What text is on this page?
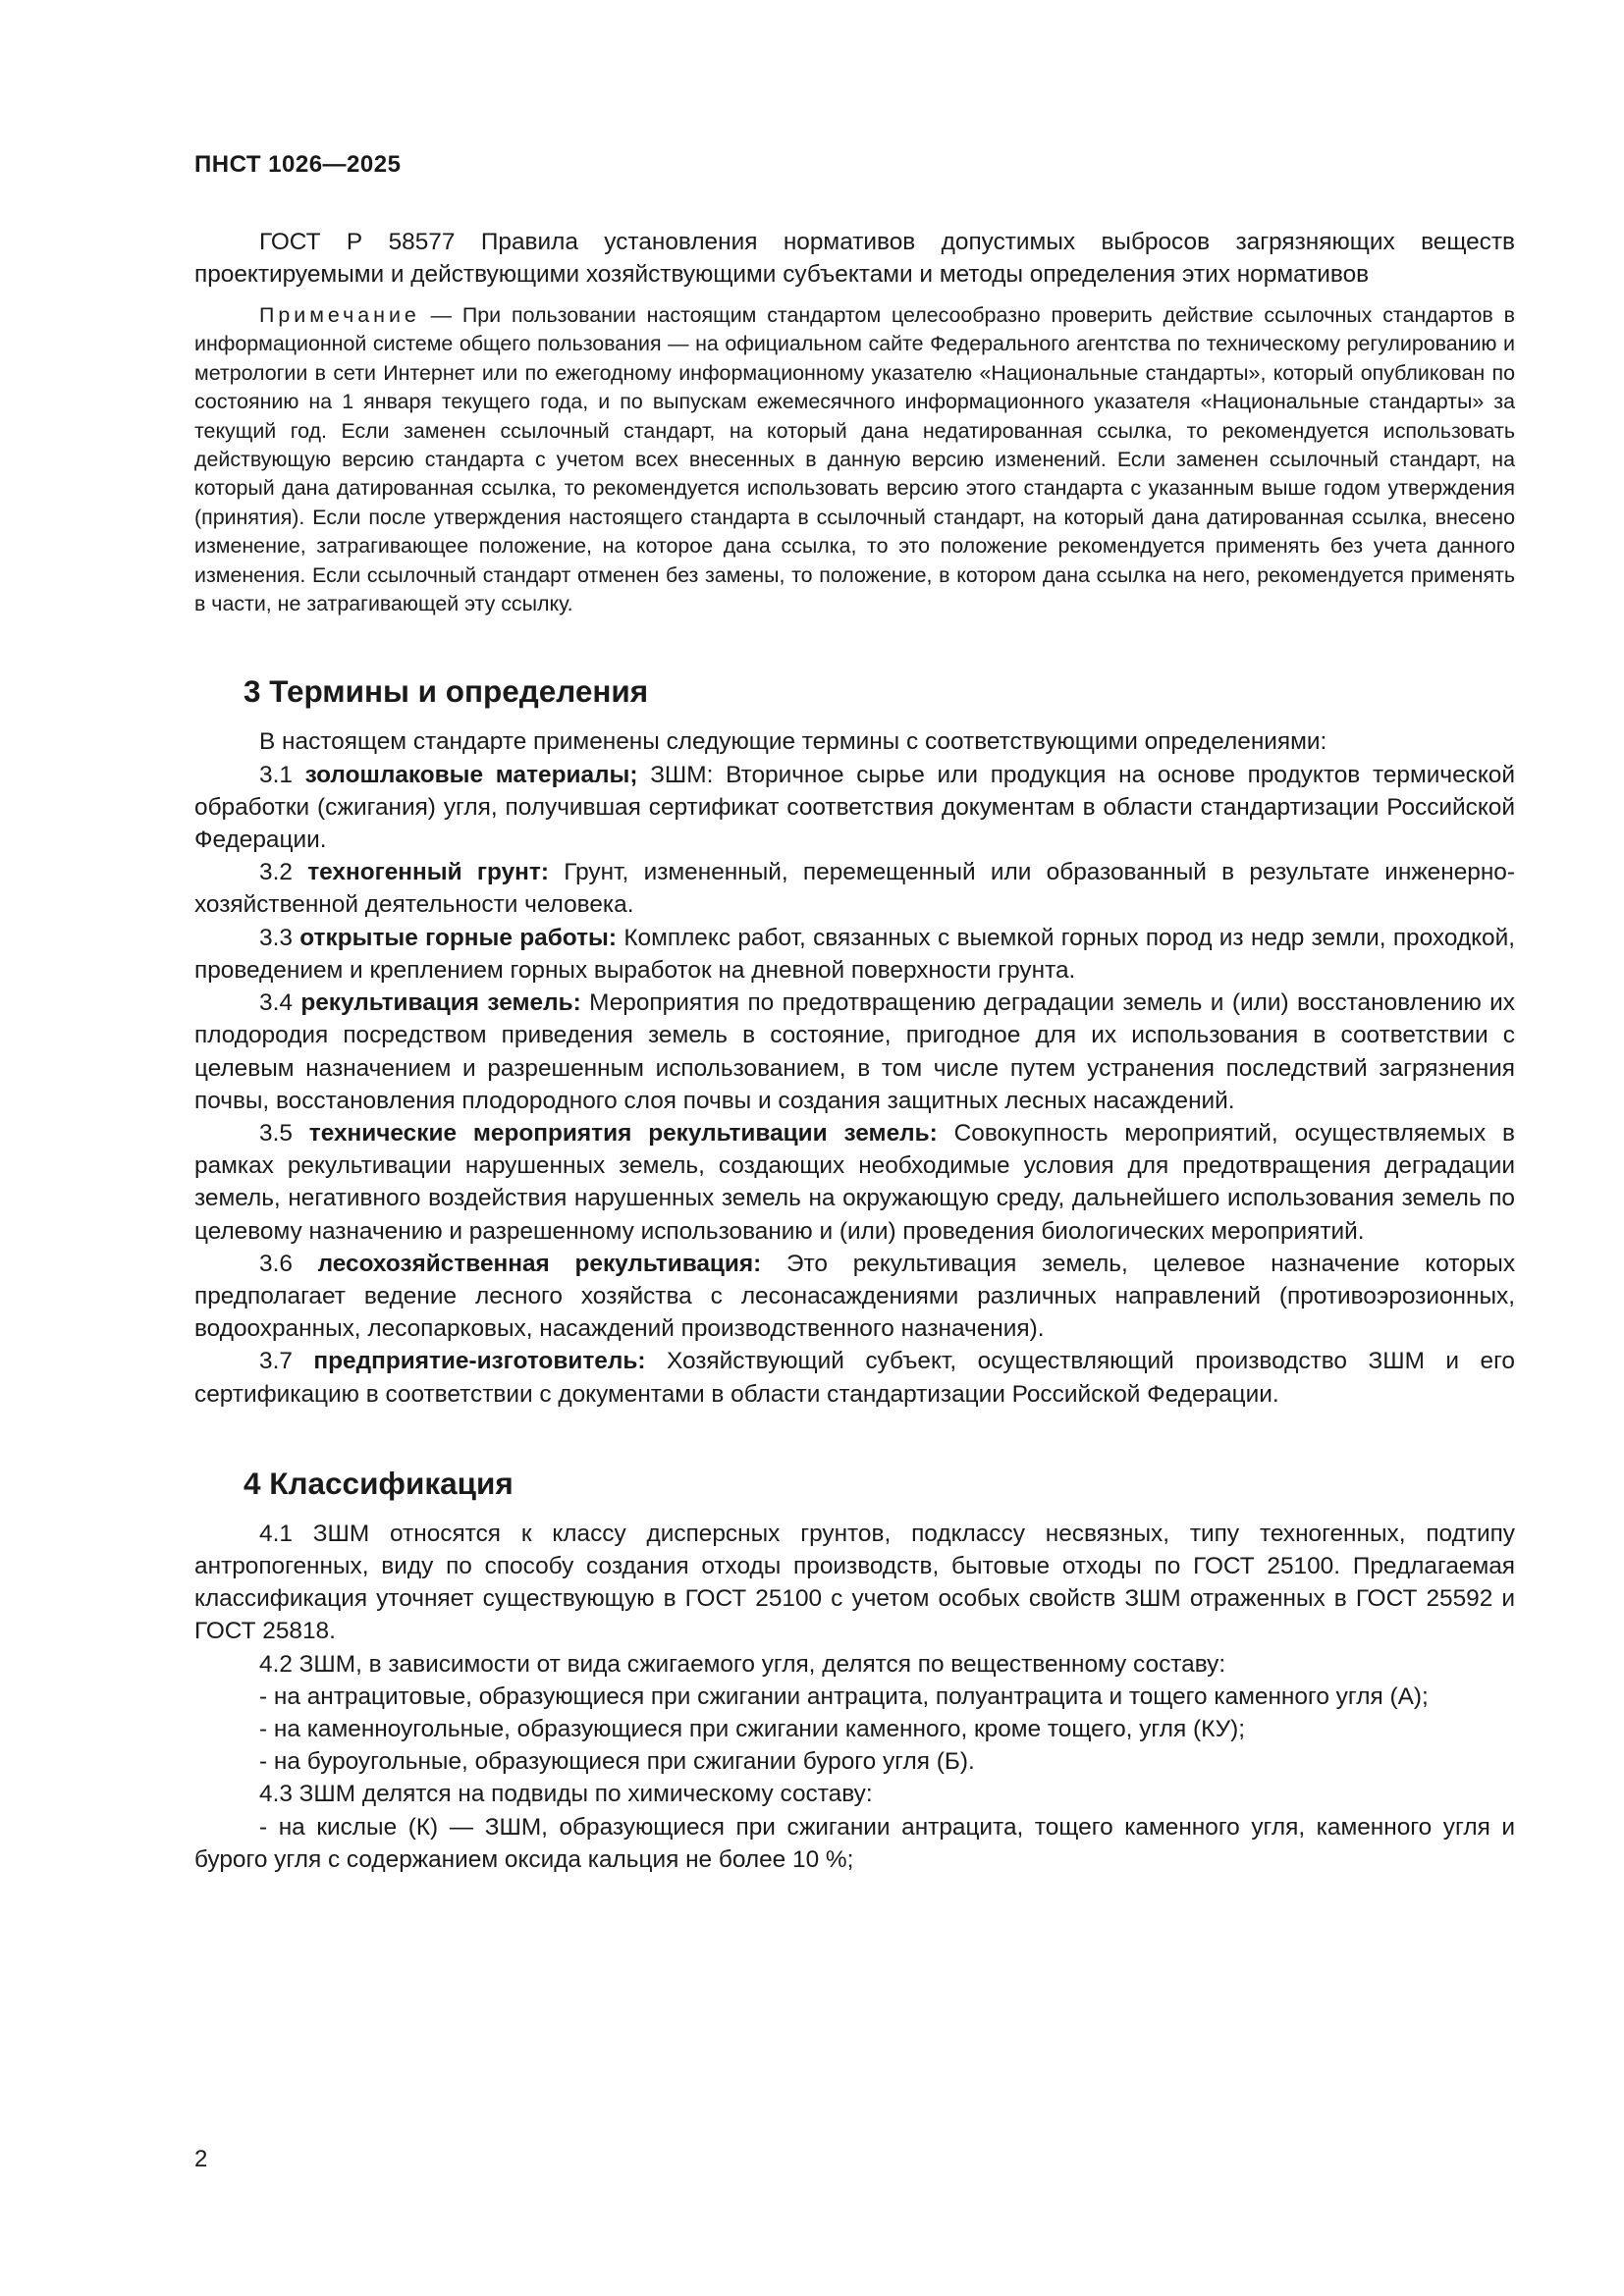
ПНСТ 1026—2025

ГОСТ Р 58577 Правила установления нормативов допустимых выбросов загрязняющих веществ проектируемыми и действующими хозяйствующими субъектами и методы определения этих нормативов

Примечание — При пользовании настоящим стандартом целесообразно проверить действие ссылочных стандартов в информационной системе общего пользования — на официальном сайте Федерального агентства по техническому регулированию и метрологии в сети Интернет или по ежегодному информационному указателю «Национальные стандарты», который опубликован по состоянию на 1 января текущего года, и по выпускам ежемесячного информационного указателя «Национальные стандарты» за текущий год. Если заменен ссылочный стандарт, на который дана недатированная ссылка, то рекомендуется использовать действующую версию стандарта с учетом всех внесенных в данную версию изменений. Если заменен ссылочный стандарт, на который дана датированная ссылка, то рекомендуется использовать версию этого стандарта с указанным выше годом утверждения (принятия). Если после утверждения настоящего стандарта в ссылочный стандарт, на который дана датированная ссылка, внесено изменение, затрагивающее положение, на которое дана ссылка, то это положение рекомендуется применять без учета данного изменения. Если ссылочный стандарт отменен без замены, то положение, в котором дана ссылка на него, рекомендуется применять в части, не затрагивающей эту ссылку.

3 Термины и определения

В настоящем стандарте применены следующие термины с соответствующими определениями:

3.1 золошлаковые материалы; ЗШМ: Вторичное сырье или продукция на основе продуктов термической обработки (сжигания) угля, получившая сертификат соответствия документам в области стандартизации Российской Федерации.

3.2 техногенный грунт: Грунт, измененный, перемещенный или образованный в результате инженерно-хозяйственной деятельности человека.

3.3 открытые горные работы: Комплекс работ, связанных с выемкой горных пород из недр земли, проходкой, проведением и креплением горных выработок на дневной поверхности грунта.

3.4 рекультивация земель: Мероприятия по предотвращению деградации земель и (или) восстановлению их плодородия посредством приведения земель в состояние, пригодное для их использования в соответствии с целевым назначением и разрешенным использованием, в том числе путем устранения последствий загрязнения почвы, восстановления плодородного слоя почвы и создания защитных лесных насаждений.

3.5 технические мероприятия рекультивации земель: Совокупность мероприятий, осуществляемых в рамках рекультивации нарушенных земель, создающих необходимые условия для предотвращения деградации земель, негативного воздействия нарушенных земель на окружающую среду, дальнейшего использования земель по целевому назначению и разрешенному использованию и (или) проведения биологических мероприятий.

3.6 лесохозяйственная рекультивация: Это рекультивация земель, целевое назначение которых предполагает ведение лесного хозяйства с лесонасаждениями различных направлений (противоэрозионных, водоохранных, лесопарковых, насаждений производственного назначения).

3.7 предприятие-изготовитель: Хозяйствующий субъект, осуществляющий производство ЗШМ и его сертификацию в соответствии с документами в области стандартизации Российской Федерации.

4 Классификация

4.1 ЗШМ относятся к классу дисперсных грунтов, подклассу несвязных, типу техногенных, подтипу антропогенных, виду по способу создания отходы производств, бытовые отходы по ГОСТ 25100. Предлагаемая классификация уточняет существующую в ГОСТ 25100 с учетом особых свойств ЗШМ отраженных в ГОСТ 25592 и ГОСТ 25818.

4.2 ЗШМ, в зависимости от вида сжигаемого угля, делятся по вещественному составу:

- на антрацитовые, образующиеся при сжигании антрацита, полуантрацита и тощего каменного угля (А);

- на каменноугольные, образующиеся при сжигании каменного, кроме тощего, угля (КУ);

- на буроугольные, образующиеся при сжигании бурого угля (Б).

4.3 ЗШМ делятся на подвиды по химическому составу:

- на кислые (К) — ЗШМ, образующиеся при сжигании антрацита, тощего каменного угля, каменного угля и бурого угля с содержанием оксида кальция не более 10 %;

2
